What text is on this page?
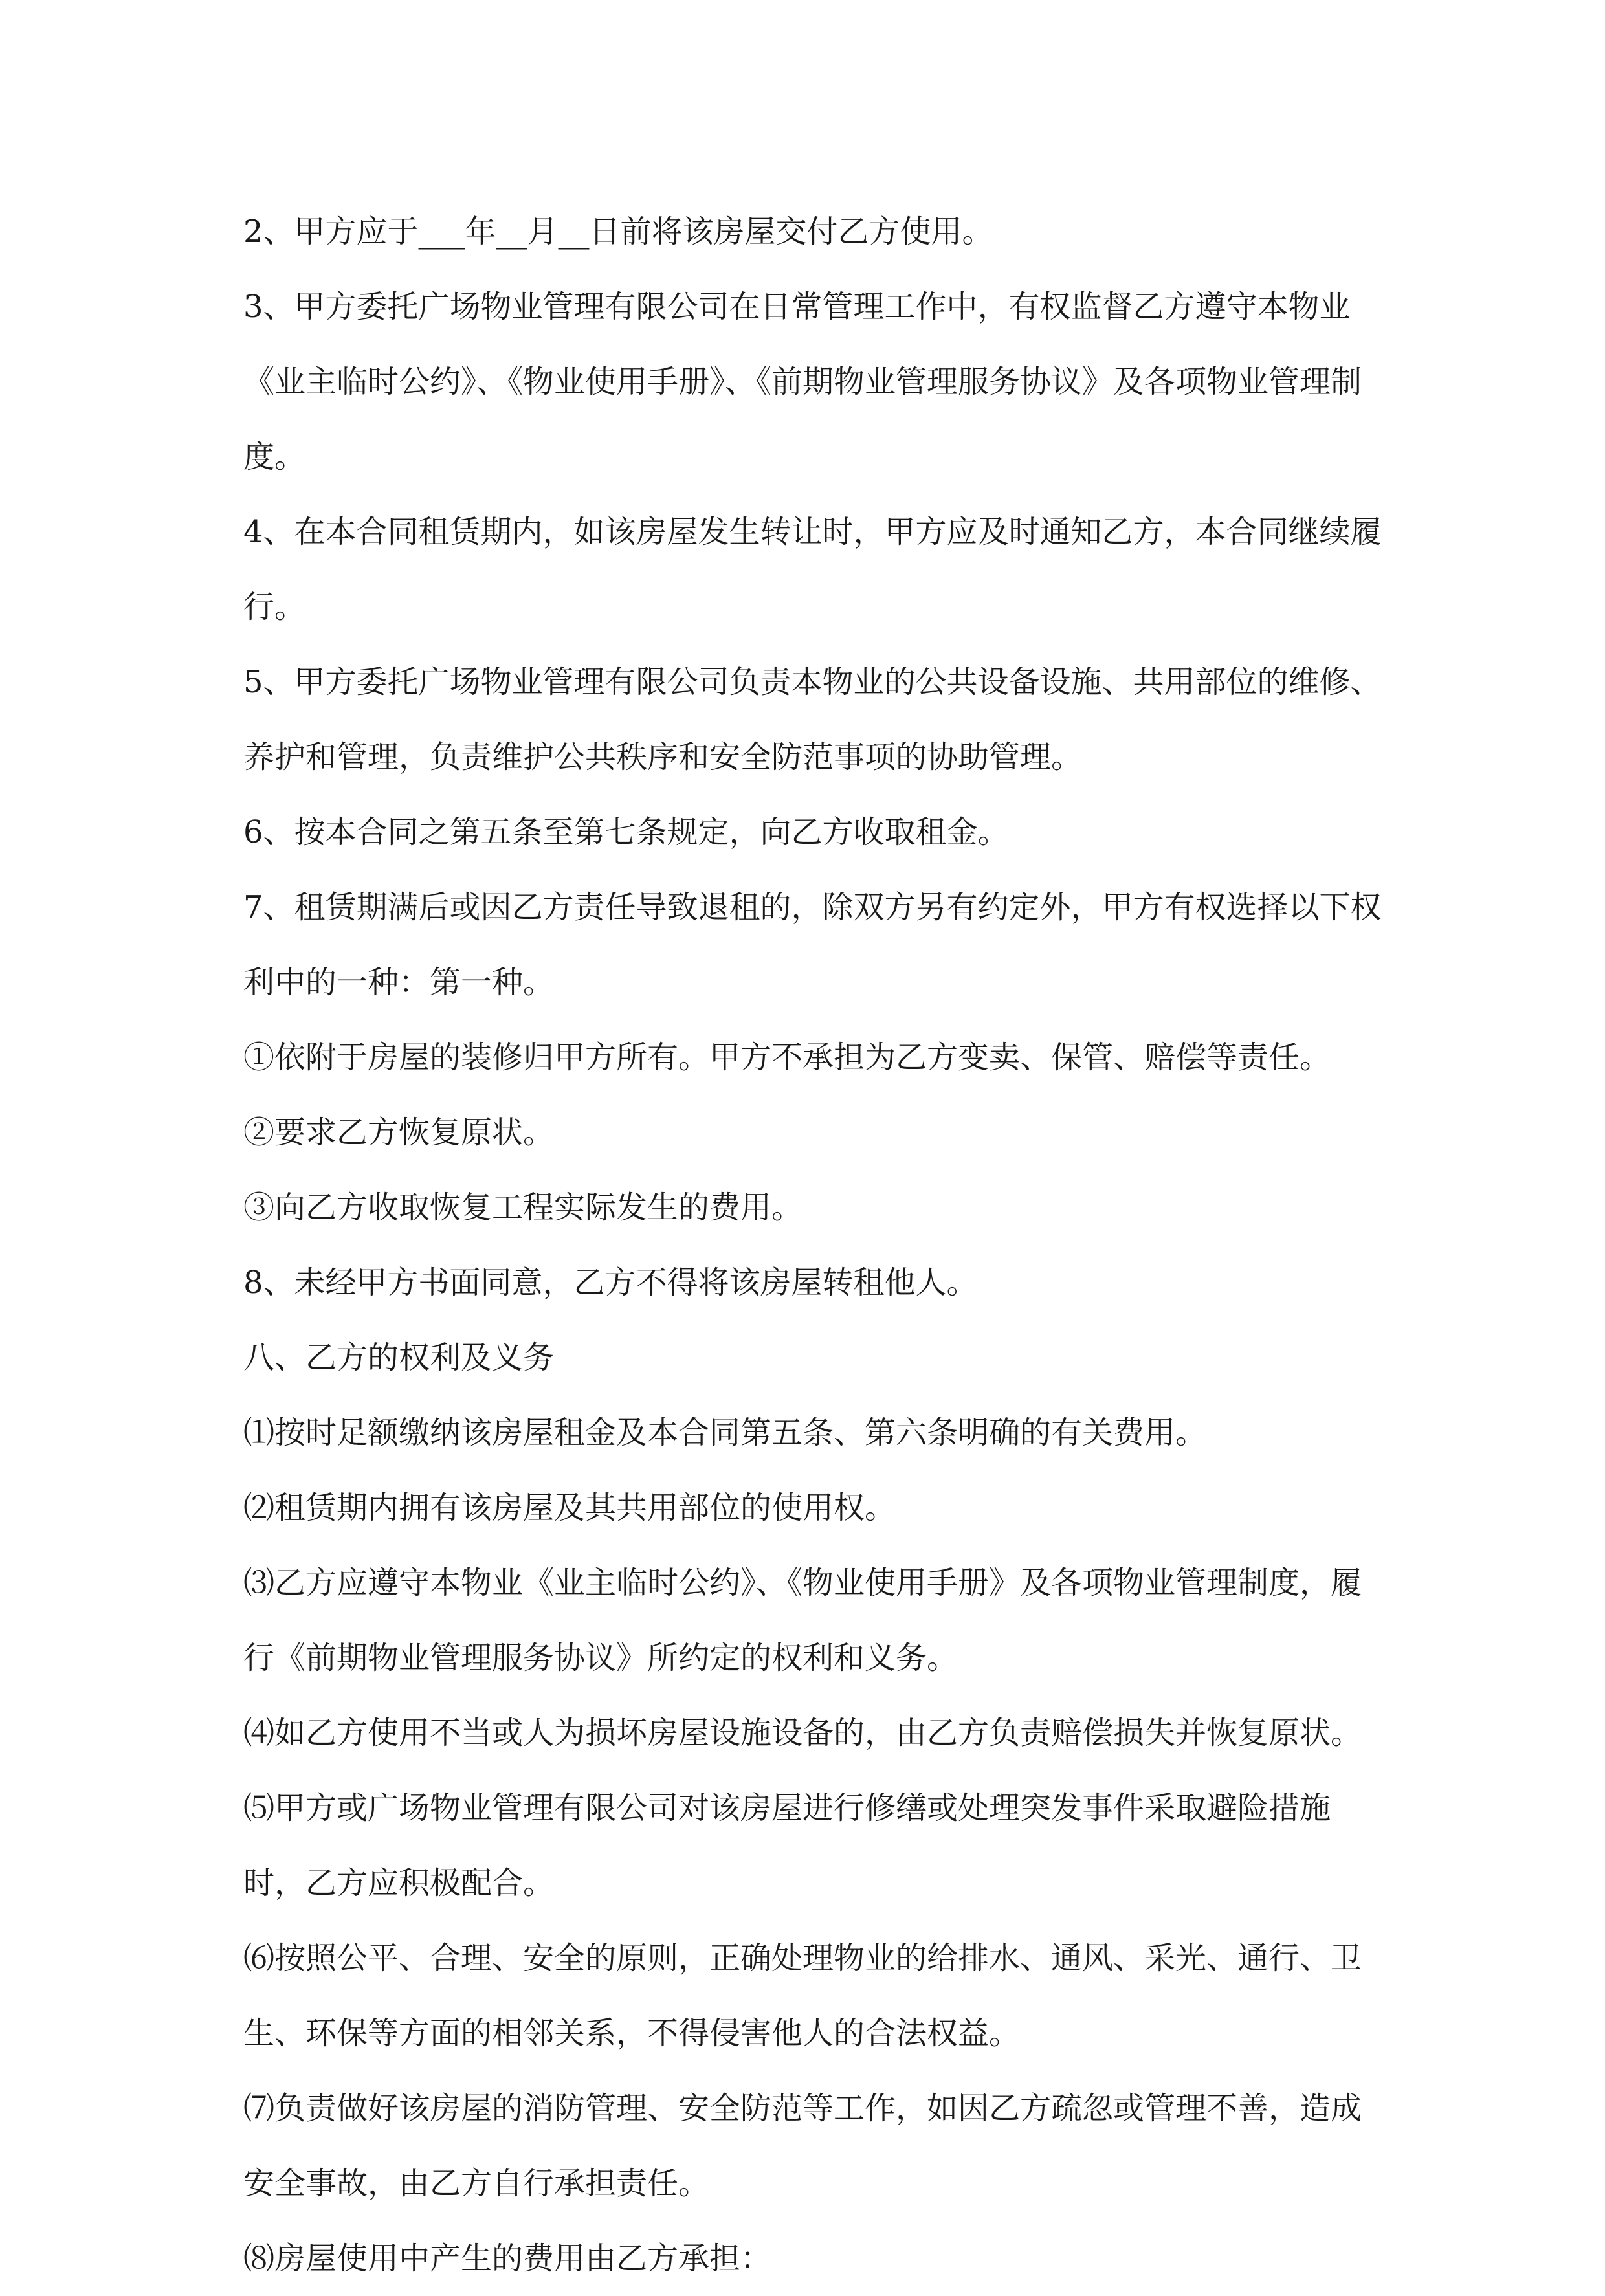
2、甲方应于___年__月__日前将该房屋交付乙方使用。

3、甲方委托广场物业管理有限公司在日常管理工作中，有权监督乙方遵守本物业《业主临时公约》、《物业使用手册》、《前期物业管理服务协议》及各项物业管理制度。

4、在本合同租赁期内，如该房屋发生转让时，甲方应及时通知乙方，本合同继续履行。

5、甲方委托广场物业管理有限公司负责本物业的公共设备设施、共用部位的维修、养护和管理，负责维护公共秩序和安全防范事项的协助管理。

6、按本合同之第五条至第七条规定，向乙方收取租金。

7、租赁期满后或因乙方责任导致退租的，除双方另有约定外，甲方有权选择以下权利中的一种：第一种。

①依附于房屋的装修归甲方所有。甲方不承担为乙方变卖、保管、赔偿等责任。

②要求乙方恢复原状。

③向乙方收取恢复工程实际发生的费用。

8、未经甲方书面同意，乙方不得将该房屋转租他人。

八、乙方的权利及义务

⑴按时足额缴纳该房屋租金及本合同第五条、第六条明确的有关费用。

⑵租赁期内拥有该房屋及其共用部位的使用权。

⑶乙方应遵守本物业《业主临时公约》、《物业使用手册》及各项物业管理制度，履行《前期物业管理服务协议》所约定的权利和义务。

⑷如乙方使用不当或人为损坏房屋设施设备的，由乙方负责赔偿损失并恢复原状。

⑸甲方或广场物业管理有限公司对该房屋进行修缮或处理突发事件采取避险措施时，乙方应积极配合。

⑹按照公平、合理、安全的原则，正确处理物业的给排水、通风、采光、通行、卫生、环保等方面的相邻关系，不得侵害他人的合法权益。

⑺负责做好该房屋的消防管理、安全防范等工作，如因乙方疏忽或管理不善，造成安全事故，由乙方自行承担责任。

⑻房屋使用中产生的费用由乙方承担：
